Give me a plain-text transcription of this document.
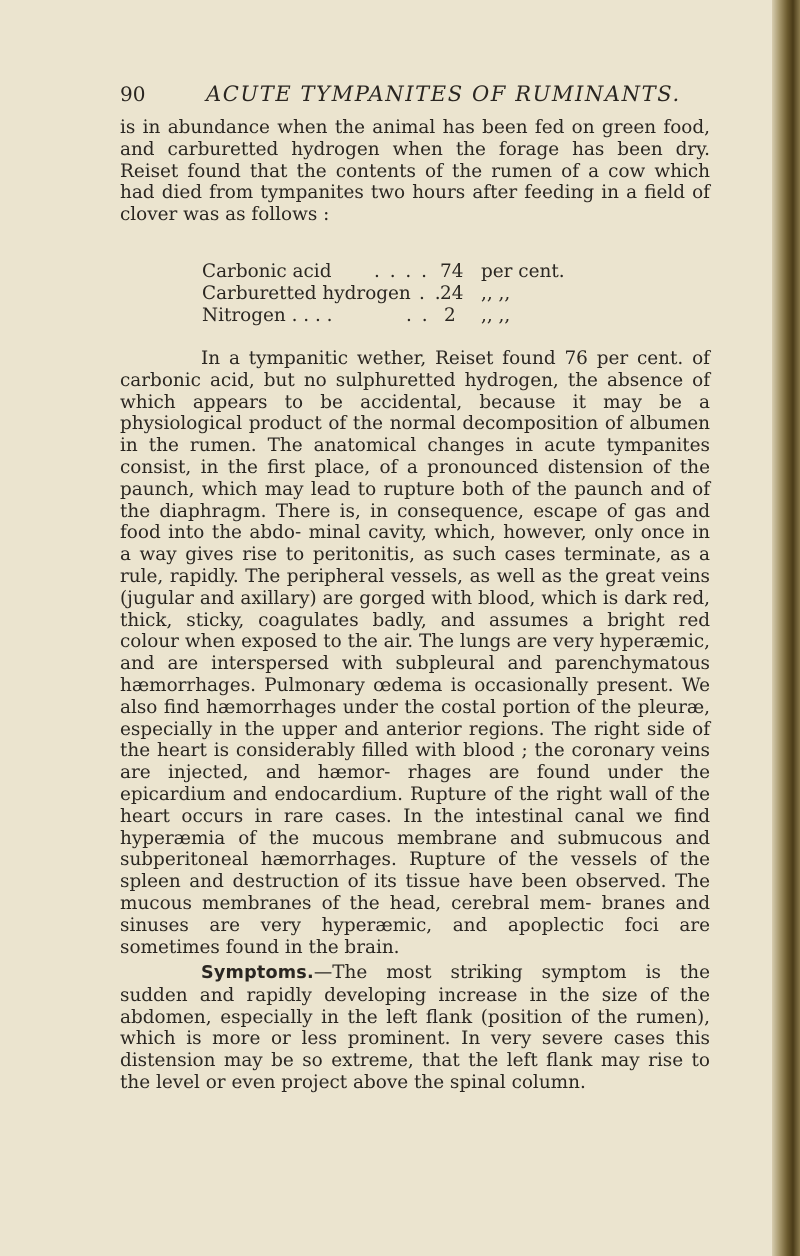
90	ACUTE TYMPANITES OF RUMINANTS.
is in abundance when the animal has been fed on green food, and carburetted hydrogen when the forage has been dry. Reiset found that the contents of the rumen of a cow which had died from tympanites two hours after feeding in a field of clover was as follows :
Carbonic acid . . . . 74 per cent.
Carburetted hydrogen . .
24 ,, ,,
Nitrogen . . . .	. . 2 ,, ,,
In a tympanitic wether, Reiset found 76 per cent. of carbonic acid, but no sulphuretted hydrogen, the absence of which appears to be accidental, because it may be a physiological product of the normal decomposition of albumen in the rumen. The anatomical changes in acute tympanites consist, in the first place, of a pronounced distension of the paunch, which may lead to rupture both of the paunch and of the diaphragm. There is, in consequence, escape of gas and food into the abdo- minal cavity, which, however, only once in a way gives rise to peritonitis, as such cases terminate, as a rule, rapidly. The peripheral vessels, as well as the great veins (jugular and axillary) are gorged with blood, which is dark red, thick, sticky, coagulates badly, and assumes a bright red colour when exposed to the air. The lungs are very hyperæmic, and are interspersed with subpleural and parenchymatous hæmorrhages. Pulmonary œdema is occasionally present. We also find hæmorrhages under the costal portion of the pleuræ, especially in the upper and anterior regions. The right side of the heart is considerably filled with blood ; the coronary veins are injected, and hæmor- rhages are found under the epicardium and endocardium. Rupture of the right wall of the heart occurs in rare cases. In the intestinal canal we find hyperæmia of the mucous membrane and submucous and subperitoneal hæmorrhages. Rupture of the vessels of the spleen and destruction of its tissue have been observed. The mucous membranes of the head, cerebral mem- branes and sinuses are very hyperæmic, and apoplectic foci are sometimes found in the brain.
Symptoms.—The most striking symptom is the sudden and rapidly developing increase in the size of the abdomen, especially in the left flank (position of the rumen), which is more or less prominent. In very severe cases this distension may be so extreme, that the left flank may rise to the level or even project above the spinal column.
